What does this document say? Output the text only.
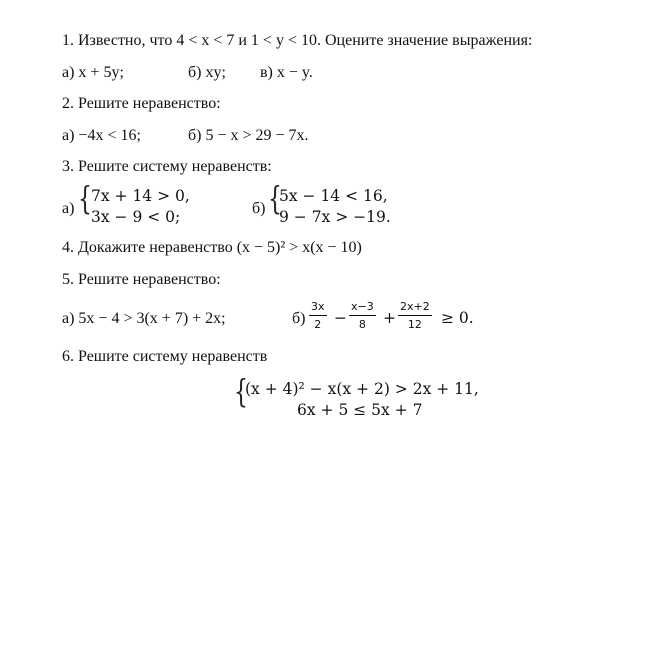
1. Известно, что 4 < x < 7 и 1 < y < 10. Оцените значение выражения:
а) x + 5y;	б) xy; в) x − y.
2. Решите неравенство:
а) −4x < 16;	б) 5 − x > 29 − 7x.
3. Решите систему неравенств:
а) { 7x + 14 > 0,
3x − 9 < 0;	б) {
5x − 14 < 16,
9 − 7x > −19.
4. Докажите неравенство (x − 5)² > x(x − 10)
5. Решите неравенство:
а) 5x − 4 > 3(x + 7) + 2x;	$б) \frac{3x}{2} - \frac{x-3}{8} + \frac{2x+2}{12} \ge 0$.
6. Решите систему неравенств
{
(x + 4)² − x(x + 2) > 2x + 11,
6x + 5 ≤ 5x + 7
